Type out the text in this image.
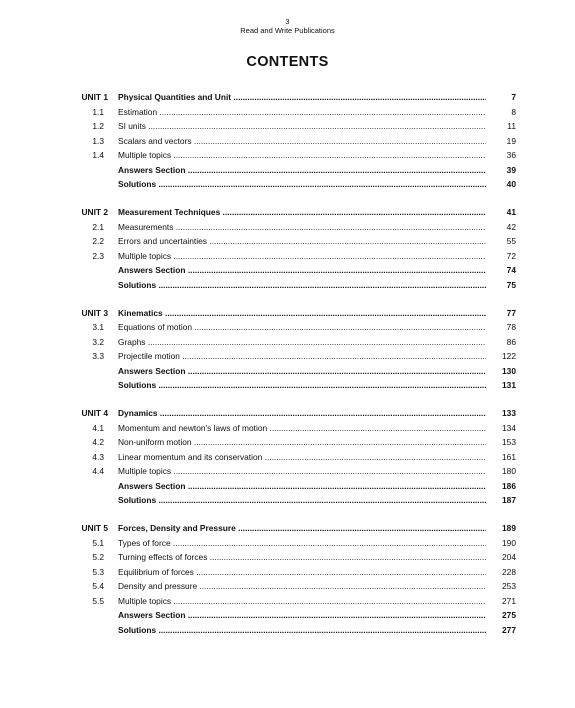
3
Read and Write Publications
CONTENTS
UNIT 1 Physical Quantities and Unit .....	7
1.1 Estimation .....	8
1.2 SI units .....	11
1.3 Scalars and vectors .....	19
1.4 Multiple topics .....	36
Answers Section .....	39
Solutions .....	40
UNIT 2 Measurement Techniques .....	41
2.1 Measurements .....	42
2.2 Errors and uncertainties .....	55
2.3 Multiple topics .....	72
Answers Section .....	74
Solutions .....	75
UNIT 3 Kinematics .....	77
3.1 Equations of motion .....	78
3.2 Graphs .....	86
3.3 Projectile motion .....	122
Answers Section .....	130
Solutions .....	131
UNIT 4 Dynamics .....	133
4.1 Momentum and newton's laws of motion .....	134
4.2 Non-uniform motion .....	153
4.3 Linear momentum and its conservation .....	161
4.4 Multiple topics .....	180
Answers Section .....	186
Solutions .....	187
UNIT 5 Forces, Density and Pressure .....	189
5.1 Types of force .....	190
5.2 Turning effects of forces .....	204
5.3 Equilibrium of forces .....	228
5.4 Density and pressure .....	253
5.5 Multiple topics .....	271
Answers Section .....	275
Solutions .....	277
